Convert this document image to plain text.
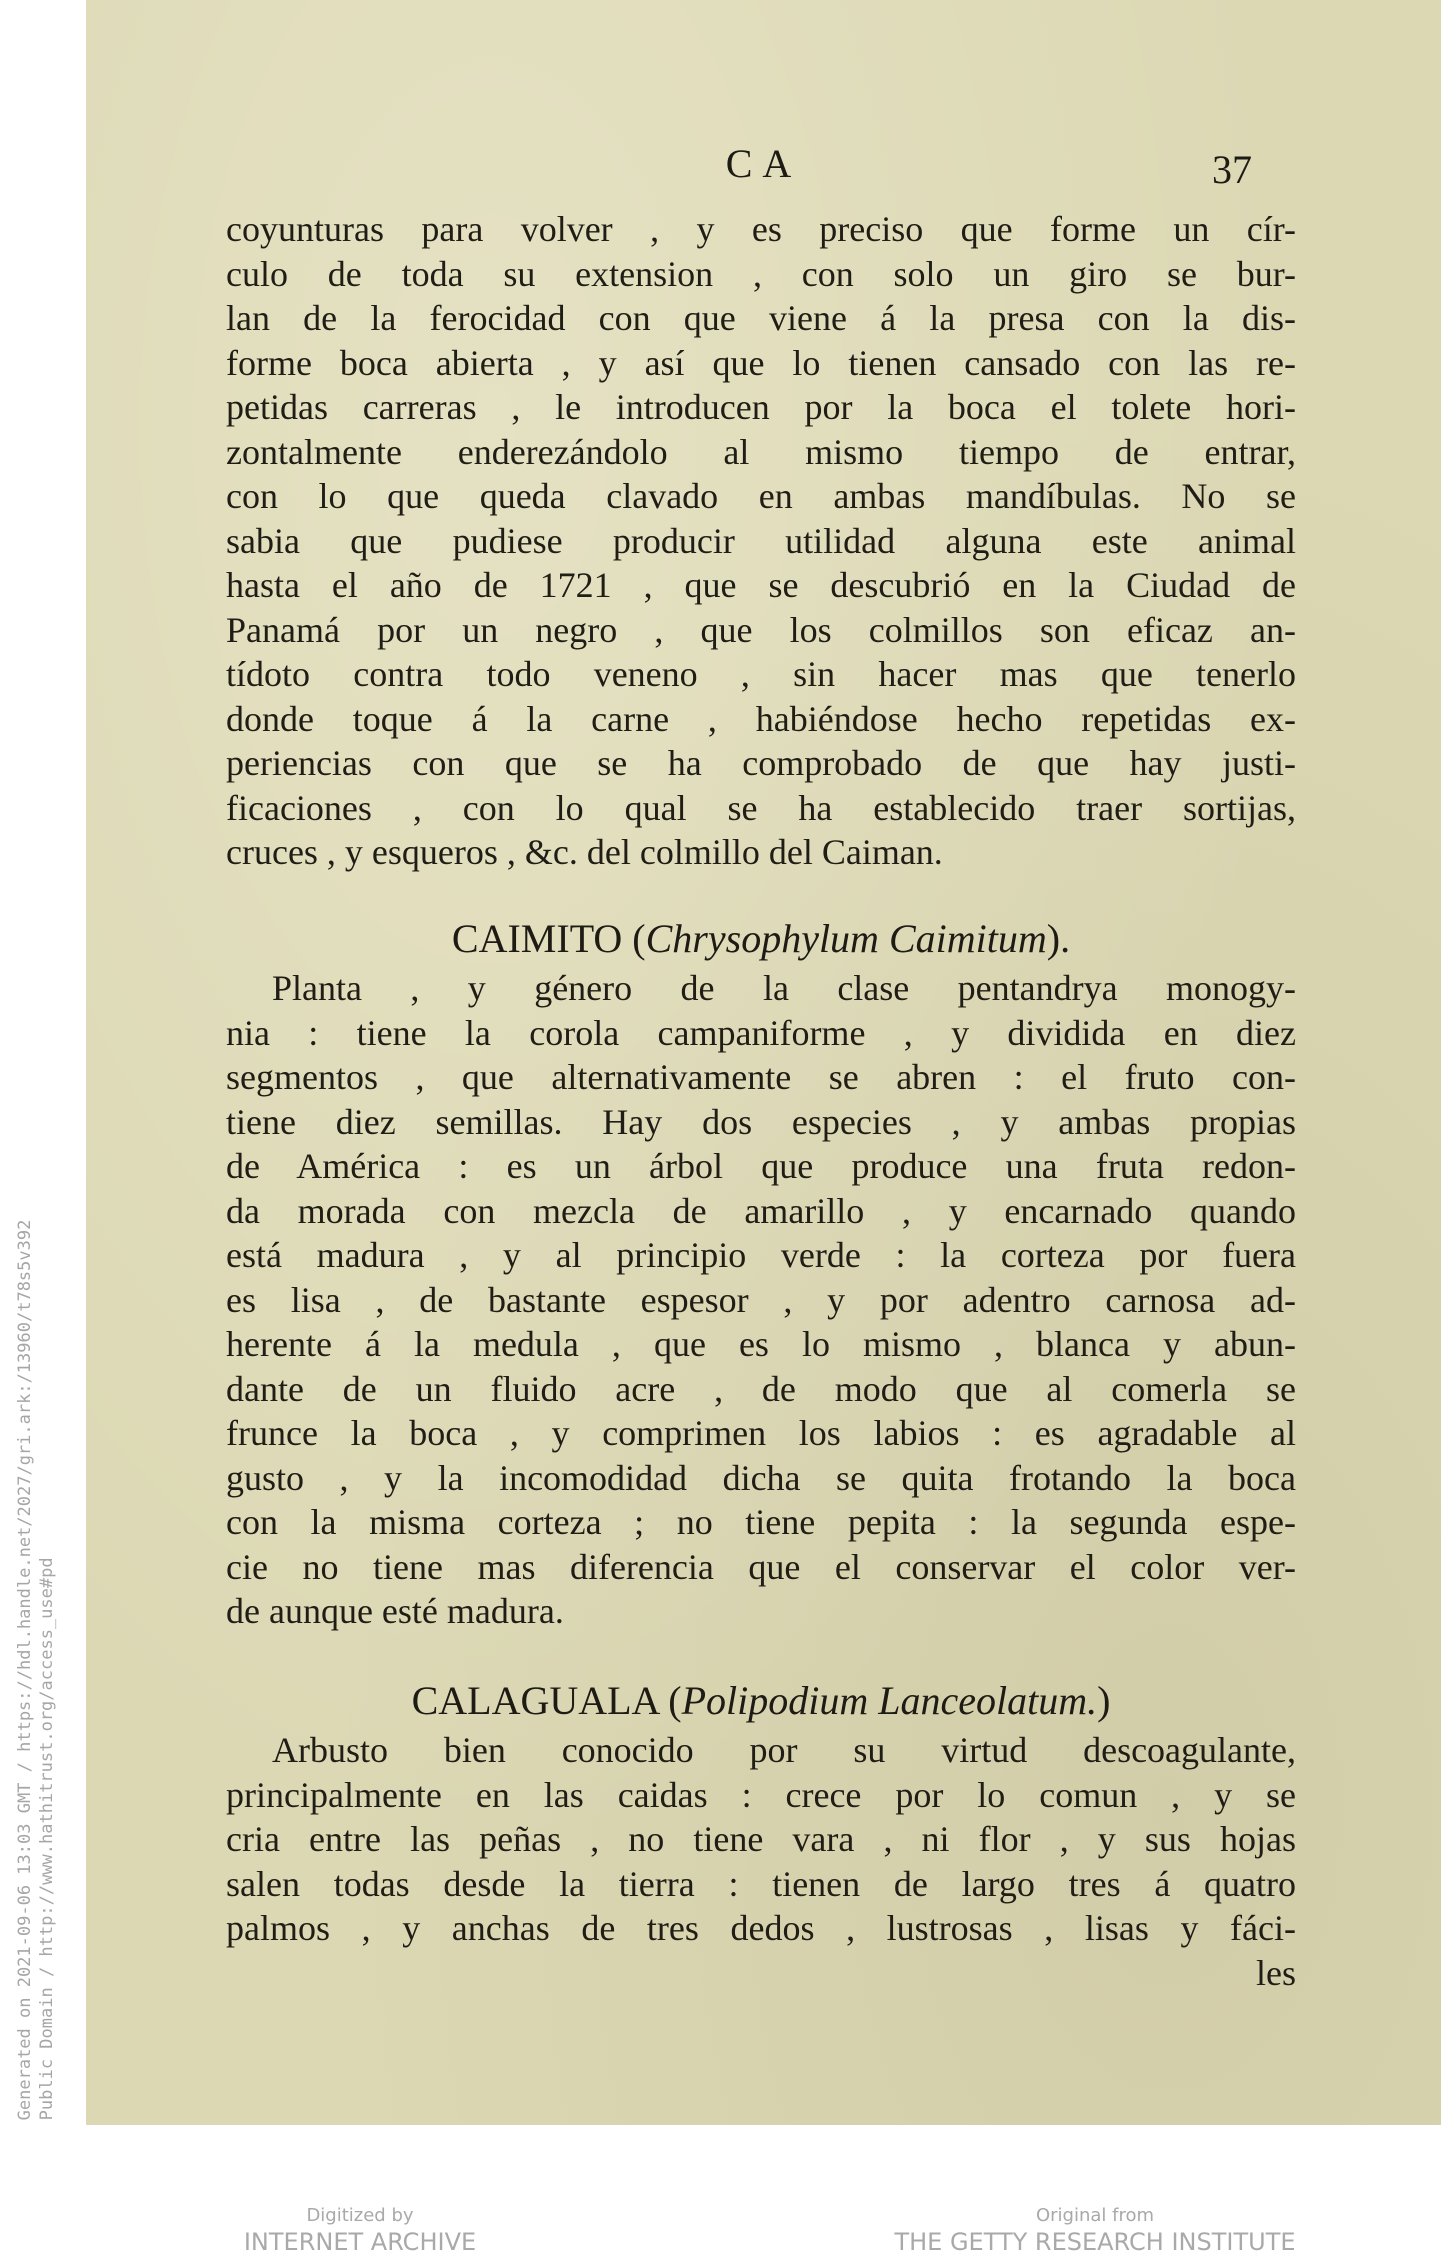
CA	37
coyunturas para volver , y es preciso que forme un cír-
culo de toda su extension , con solo un giro se bur-
lan de la ferocidad con que viene á la presa con la dis-
forme boca abierta , y así que lo tienen cansado con las re-
petidas carreras , le introducen por la boca el tolete hori-
zontalmente enderezándolo al mismo tiempo de entrar,
con lo que queda clavado en ambas mandíbulas. No se
sabia que pudiese producir utilidad alguna este animal
hasta el año de 1721 , que se descubrió en la Ciudad de
Panamá por un negro , que los colmillos son eficaz an-
tídoto contra todo veneno , sin hacer mas que tenerlo
donde toque á la carne , habiéndose hecho repetidas ex-
periencias con que se ha comprobado de que hay justi-
ficaciones , con lo qual se ha establecido traer sortijas,
cruces , y esqueros , &c. del colmillo del Caiman.
CAIMITO (Chrysophylum Caimitum).
Planta , y género de la clase pentandrya monogy-
nia : tiene la corola campaniforme , y dividida en diez
segmentos , que alternativamente se abren : el fruto con-
tiene diez semillas. Hay dos especies , y ambas propias
de América : es un árbol que produce una fruta redon-
da morada con mezcla de amarillo , y encarnado quando
está madura , y al principio verde : la corteza por fuera
es lisa , de bastante espesor , y por adentro carnosa ad-
herente á la medula , que es lo mismo , blanca y abun-
dante de un fluido acre , de modo que al comerla se
frunce la boca , y comprimen los labios : es agradable al
gusto , y la incomodidad dicha se quita frotando la boca
con la misma corteza ; no tiene pepita : la segunda espe-
cie no tiene mas diferencia que el conservar el color ver-
de aunque esté madura.
CALAGUALA (Polipodium Lanceolatum.)
Arbusto bien conocido por su virtud descoagulante,
principalmente en las caidas : crece por lo comun , y se
cria entre las peñas , no tiene vara , ni flor , y sus hojas
salen todas desde la tierra : tienen de largo tres á quatro
palmos , y anchas de tres dedos , lustrosas , lisas y fáci-
les
Generated on 2021-09-06 13:03 GMT / https://hdl.handle.net/2027/gri.ark:/13960/t78s5v392 Public Domain / http://www.hathitrust.org/access_use#pd
Digitized by
INTERNET ARCHIVE
Original from
THE GETTY RESEARCH INSTITUTE
